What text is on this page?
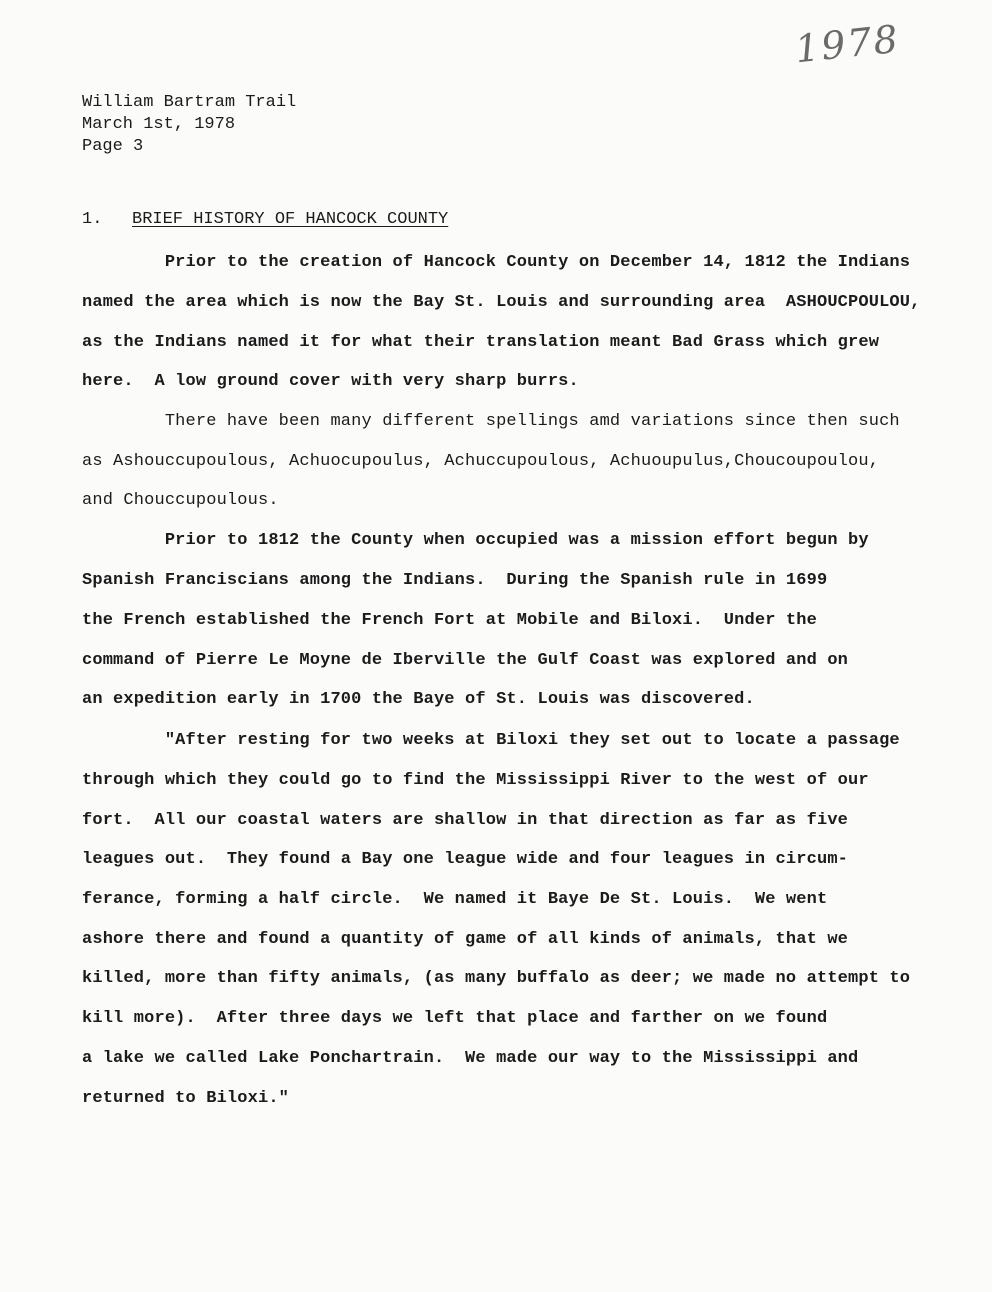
1978
William Bartram Trail
March 1st, 1978
Page 3
1. BRIEF HISTORY OF HANCOCK COUNTY
Prior to the creation of Hancock County on December 14, 1812 the Indians
named the area which is now the Bay St. Louis and surrounding area  ASHOUCPOULOU,
as the Indians named it for what their translation meant Bad Grass which grew
here.  A low ground cover with very sharp burrs.
There have been many different spellings amd variations since then such
as Ashouccupoulous, Achuocupoulus, Achuccupoulous, Achuoupulus,Choucoupoulou,
and Chouccupoulous.
Prior to 1812 the County when occupied was a mission effort begun by
Spanish Franciscians among the Indians.  During the Spanish rule in 1699
the French established the French Fort at Mobile and Biloxi.  Under the
command of Pierre Le Moyne de Iberville the Gulf Coast was explored and on
an expedition early in 1700 the Baye of St. Louis was discovered.
"After resting for two weeks at Biloxi they set out to locate a passage
through which they could go to find the Mississippi River to the west of our
fort.  All our coastal waters are shallow in that direction as far as five
leagues out.  They found a Bay one league wide and four leagues in circum-
ferance, forming a half circle.  We named it Baye De St. Louis.  We went
ashore there and found a quantity of game of all kinds of animals, that we
killed, more than fifty animals, (as many buffalo as deer; we made no attempt to
kill more).  After three days we left that place and farther on we found
a lake we called Lake Ponchartrain.  We made our way to the Mississippi and
returned to Biloxi."
